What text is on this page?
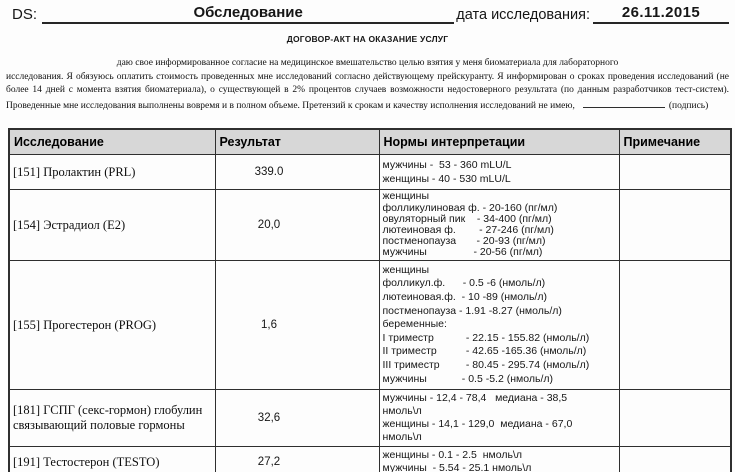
DS:	Обследование	дата исследования:	26.11.2015
ДОГОВОР-АКТ НА ОКАЗАНИЕ УСЛУГ
даю свое информированное согласие на медицинское вмешательство целью взятия у меня биоматериала для лабораторного
исследования. Я обязуюсь оплатить стоимость проведенных мне исследований согласно действующему прейскуранту. Я информирован о сроках проведения исследований (не
более 14 дней с момента взятия биоматериала), о существующей в 2% процентов случаев возможности недостоверного результата (по данным разработчиков тест-систем).
Проведенные мне исследования выполнены вовремя и в полном объеме. Претензий к срокам и качеству исполнения исследований не имею,	(подпись)
Исследование	Результат	Нормы интерпретации	Примечание
[151] Пролактин (PRL)	339.0	мужчины -  53 - 360 mLU/L
женщины - 40 - 530 mLU/L	

[154] Эстрадиол (E2)	20,0	
женщины
фолликулиновая ф. - 20-160 (пг/мл)
овуляторный пик    - 34-400 (пг/мл)
лютеиновая ф.        - 27-246 (пг/мл)
постменопауза       - 20-93 (пг/мл)
мужчины                - 20-56 (пг/мл)

[155] Прогестерон (PROG)	1,6	
женщины
фолликул.ф.      - 0.5 -6 (нмоль/л)
лютеиновая.ф.  - 10 -89 (нмоль/л)
постменопауза - 1.91 -8.27 (нмоль/л)
беременные:
I триместр           - 22.15 - 155.82 (нмоль/л)
II триместр          - 42.65 -165.36 (нмоль/л)
III триместр         - 80.45 - 295.74 (нмоль/л)
мужчины            - 0.5 -5.2 (нмоль/л)

[181] ГСПГ (секс-гормон) глобулин связывающий половые гормоны	32,6	мужчины - 12,4 - 78,4   медиана - 38,5
нмоль\л
женщины - 14,1 - 129,0  медиана - 67,0
нмоль\л	

[191] Тестостерон (TESTO)	27,2	женщины - 0.1 - 2.5  нмоль\л
мужчины  - 5.54 - 25.1 нмоль\л	
